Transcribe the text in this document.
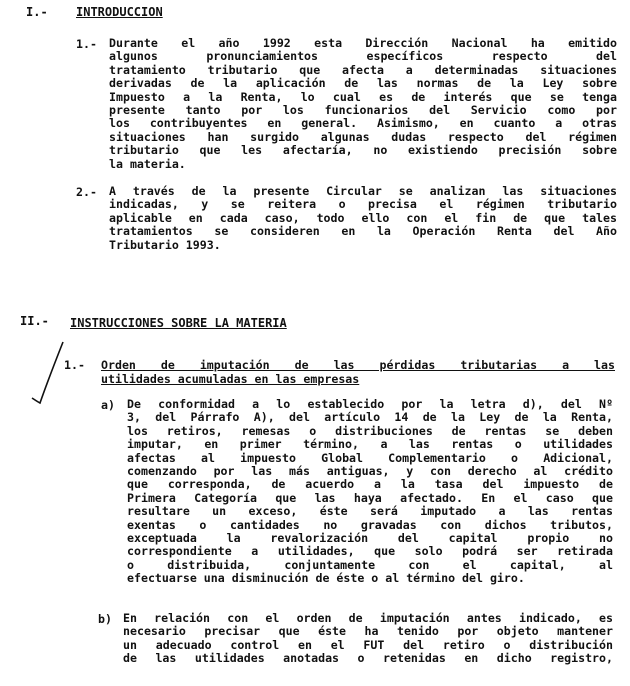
I.- INTRODUCCION
1.- Durante el año 1992 esta Dirección Nacional ha emitido
algunos pronunciamientos específicos respecto del
tratamiento tributario que afecta a determinadas situaciones
derivadas de la aplicación de las normas de la Ley sobre
Impuesto a la Renta, lo cual es de interés que se tenga
presente tanto por los funcionarios del Servicio como por
los contribuyentes en general. Asimismo, en cuanto a otras
situaciones han surgido algunas dudas respecto del régimen
tributario que les afectaría, no existiendo precisión sobre
la materia.
2.- A través de la presente Circular se analizan las situaciones
indicadas, y se reitera o precisa el régimen tributario
aplicable en cada caso, todo ello con el fin de que tales
tratamientos se consideren en la Operación Renta del Año
Tributario 1993.
II.- INSTRUCCIONES SOBRE LA MATERIA
1.- Orden de imputación de las pérdidas tributarias a las
utilidades acumuladas en las empresas
a) De conformidad a lo establecido por la letra d), del Nº
3, del Párrafo A), del artículo 14 de la Ley de la Renta,
los retiros, remesas o distribuciones de rentas se deben
imputar, en primer término, a las rentas o utilidades
afectas al impuesto Global Complementario o Adicional,
comenzando por las más antiguas, y con derecho al crédito
que corresponda, de acuerdo a la tasa del impuesto de
Primera Categoría que las haya afectado. En el caso que
resultare un exceso, éste será imputado a las rentas
exentas o cantidades no gravadas con dichos tributos,
exceptuada la revalorización del capital propio no
correspondiente a utilidades, que solo podrá ser retirada
o distribuida, conjuntamente con el capital, al
efectuarse una disminución de éste o al término del giro.
b) En relación con el orden de imputación antes indicado, es
necesario precisar que éste ha tenido por objeto mantener
un adecuado control en el FUT del retiro o distribución
de las utilidades anotadas o retenidas en dicho registro,
